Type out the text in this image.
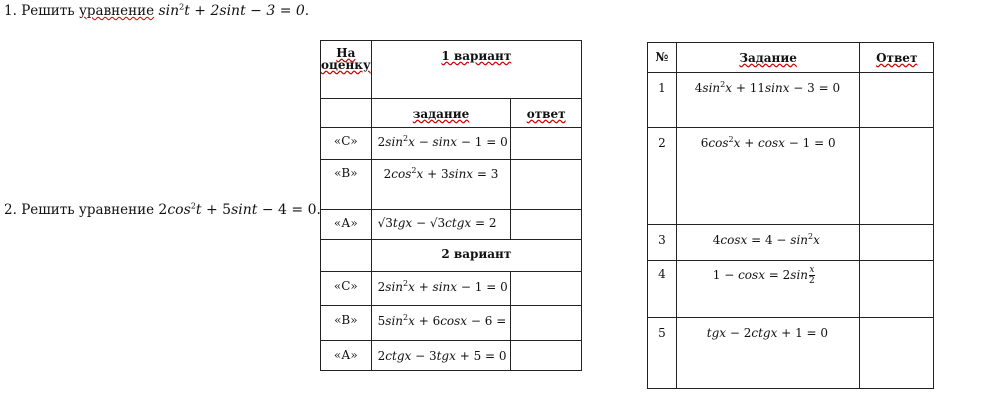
1. Решить уравнение $\sin^2t + 2\sin t - 3 = 0$.
2. Решить уравнение $2\cos^2t + 5\sin t - 4 = 0$.
На оценку	1 вариант	
	задание	ответ
«С»	$2\sin^2x - \sin x - 1 = 0$	
«В»	$2\cos^2x + 3\sin x = 3$	
«А»	√3tgx − √3ctgx = 2	
	2 вариант	
«С»	$2\sin^2x + \sin x - 1 = 0$	
«В»	$5\sin^2x + 6\cos x - 6$ =	
«А»	2ctgx − 3tgx + 5 = 0	
№	Задание	Ответ
1	$4\sin^2x + 11\sin x - 3 = 0$	
2	$6\cos^2x + \cos x - 1 = 0$	
3	$4\cos x = 4 - \sin^2x$	
4	$1 - \cos x = 2\sin \frac{x}{2}$

5	tgx − 2ctgx + 1 = 0	
